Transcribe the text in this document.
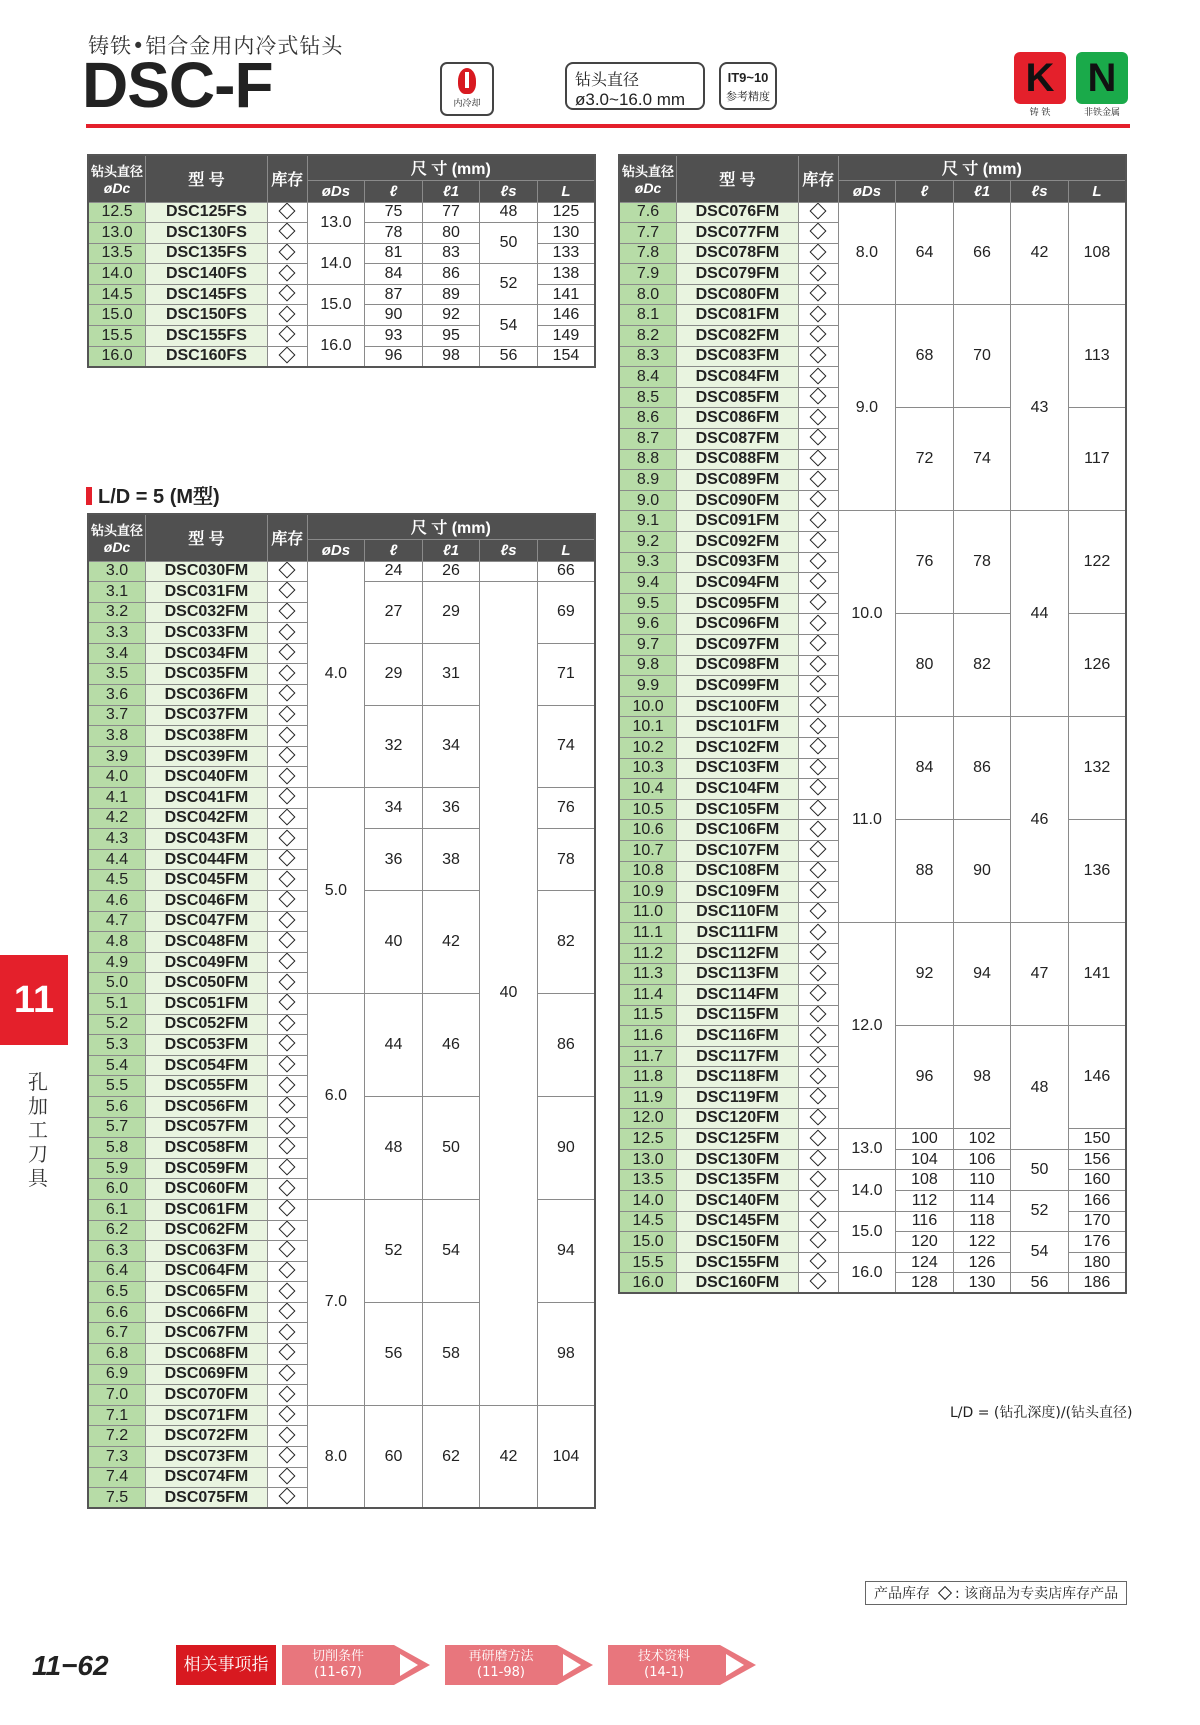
铸铁•铝合金用内冷式钻头
DSC-F	内冷却
钻头直径
ø3.0~16.0 mm
IT9~10
参考精度	K
铸 铁
N
非铁金属
钻头直径
øDc	型 号	库存	尺 寸 (mm)				
			øDs	ℓ	ℓ1	ℓs	L
12.5	DSC125FS		13.0	75	77	48	125
13.0	DSC130FS			78	80	50	130
13.5	DSC135FS		14.0	81	83		133
14.0	DSC140FS			84	86	52	138
14.5	DSC145FS		15.0	87	89		141
15.0	DSC150FS			90	92	54	146
15.5	DSC155FS		16.0	93	95		149
16.0	DSC160FS			96	98	56	154
L/D = 5 (M型)
钻头直径
øDc	型 号	库存	尺 寸 (mm)				
			øDs	ℓ	ℓ1	ℓs	L
3.0	DSC030FM		4.0	24	26		66
3.1	DSC031FM			27	29	40	69
3.2	DSC032FM						
3.3	DSC033FM						
3.4	DSC034FM			29	31		71
3.5	DSC035FM						
3.6	DSC036FM						
3.7	DSC037FM			32	34		74
3.8	DSC038FM						
3.9	DSC039FM						
4.0	DSC040FM						
4.1	DSC041FM		5.0	34	36		76
4.2	DSC042FM						
4.3	DSC043FM			36	38		78
4.4	DSC044FM						
4.5	DSC045FM						
4.6	DSC046FM			40	42		82
4.7	DSC047FM						
4.8	DSC048FM						
4.9	DSC049FM						
5.0	DSC050FM						
5.1	DSC051FM		6.0	44	46		86
5.2	DSC052FM						
5.3	DSC053FM						
5.4	DSC054FM						
5.5	DSC055FM						
5.6	DSC056FM			48	50		90
5.7	DSC057FM						
5.8	DSC058FM						
5.9	DSC059FM						
6.0	DSC060FM						
6.1	DSC061FM		7.0	52	54		94
6.2	DSC062FM						
6.3	DSC063FM						
6.4	DSC064FM						
6.5	DSC065FM						
6.6	DSC066FM			56	58		98
6.7	DSC067FM						
6.8	DSC068FM						
6.9	DSC069FM						
7.0	DSC070FM						
7.1	DSC071FM		8.0	60	62	42	104
7.2	DSC072FM						
7.3	DSC073FM						
7.4	DSC074FM						
7.5	DSC075FM						
钻头直径
øDc	型 号	库存	尺 寸 (mm)				
			øDs	ℓ	ℓ1	ℓs	L
7.6	DSC076FM		8.0	64	66	42	108
7.7	DSC077FM						
7.8	DSC078FM						
7.9	DSC079FM						
8.0	DSC080FM						
8.1	DSC081FM		9.0	68	70	43	113
8.2	DSC082FM						
8.3	DSC083FM						
8.4	DSC084FM						
8.5	DSC085FM						
8.6	DSC086FM			72	74		117
8.7	DSC087FM						
8.8	DSC088FM						
8.9	DSC089FM						
9.0	DSC090FM						
9.1	DSC091FM		10.0	76	78	44	122
9.2	DSC092FM						
9.3	DSC093FM						
9.4	DSC094FM						
9.5	DSC095FM						
9.6	DSC096FM			80	82		126
9.7	DSC097FM						
9.8	DSC098FM						
9.9	DSC099FM						
10.0	DSC100FM						
10.1	DSC101FM		11.0	84	86	46	132
10.2	DSC102FM						
10.3	DSC103FM						
10.4	DSC104FM						
10.5	DSC105FM						
10.6	DSC106FM			88	90		136
10.7	DSC107FM						
10.8	DSC108FM						
10.9	DSC109FM						
11.0	DSC110FM						
11.1	DSC111FM		12.0	92	94	47	141
11.2	DSC112FM						
11.3	DSC113FM						
11.4	DSC114FM						
11.5	DSC115FM						
11.6	DSC116FM			96	98	48	146
11.7	DSC117FM						
11.8	DSC118FM						
11.9	DSC119FM						
12.0	DSC120FM						
12.5	DSC125FM		13.0	100	102		150
13.0	DSC130FM			104	106	50	156
13.5	DSC135FM		14.0	108	110		160
14.0	DSC140FM			112	114	52	166
14.5	DSC145FM		15.0	116	118		170
15.0	DSC150FM			120	122	54	176
15.5	DSC155FM		16.0	124	126		180
16.0	DSC160FM			128	130	56	186
L/D = (钻孔深度)/(钻头直径)
产品库存 : 该商品为专卖店库存产品
11
孔加工刀具
11−62	相关事项指南
切削条件
(11-67)
再研磨方法
(11-98)
技术资料
(14-1)
